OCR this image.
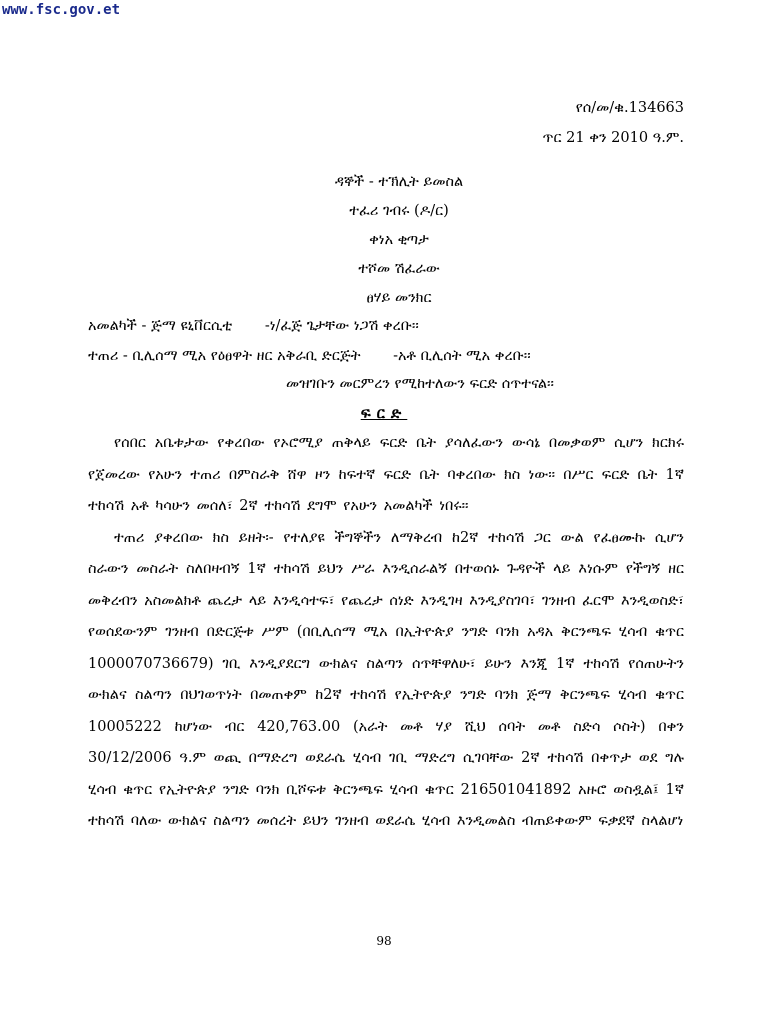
www.fsc.gov.et
የሰ/መ/ቁ.134663
ጥር 21 ቀን 2010 ዓ.ም.
ዳኞች - ተኽሊት ይመስል
ተፈሪ ገብሩ (ዶ/ር)
ቀነአ ቂጣታ
ተሾመ ሽፈራው
ፀሃይ መንክር
አመልካች - ጅማ ዩኒቨርሲቲ -ነ/ፈጅ ጌታቸው ነጋሽ ቀረቡ፡፡
ተጠሪ - ቢሊሰማ ሚአ የዕፀዋት ዘር አቅራቢ ድርጅት -አቶ ቢሊሰት ሚአ ቀረቡ፡፡
መዝገቡን መርምረን የሚከተለውን ፍርድ ሰጥተናል፡፡
ፍርድ

የሰበር አቤቱታው የቀረበው የኦሮሚያ ጠቅላይ ፍርድ ቤት ያሳለፈውን ውሳኔ በመቃወም ሲሆን ክርክሩ የጀመረው የአሁን ተጠሪ በምስራቅ ሸዋ ዞን ከፍተኛ ፍርድ ቤት ባቀረበው ክስ ነው፡፡ በሥር ፍርድ ቤት 1ኛ ተከሳሽ አቶ ካሳሁን መሰለ፣ 2ኛ ተከሳሽ ደግሞ የአሁን አመልካች ነበሩ፡፡

ተጠሪ ያቀረበው ክስ ይዘት፡- የተለያዩ ችግኞችን ለማቅረብ ከ2ኛ ተከሳሽ ጋር ውል የፈፀሙኩ ሲሆን ስራውን መስራት ስለበዛብኝ 1ኛ ተከሳሽ ይህን ሥራ እንዲሰራልኝ በተወሰኑ ጉዳዮች ላይ እነሱም የችግኝ ዘር መቅረብን አስመልክቶ ጨረታ ላይ እንዲሳተፍ፣ የጨረታ ሰነድ እንዲገዛ እንዲያስገባ፣ ገንዘብ ፈርሞ እንዲወስድ፣ የወሰደውንም ገንዘብ በድርጅቱ ሥም (በቢሊሰማ ሚአ በኢትዮጵያ ንግድ ባንክ አዳአ ቅርንጫፍ ሂሳብ ቁጥር 1000070736679) ገቢ እንዲያደርግ ውክልና ስልጣን ሰጥቸዋለሁ፣ ይሁን እንጂ 1ኛ ተከሳሽ የሰጠሁትን ውክልና ስልጣን በህገወጥነት በመጠቀም ከ2ኛ ተከሳሽ የኢትዮጵያ ንግድ ባንክ ጅማ ቅርንጫፍ ሂሳብ ቁጥር 10005222 ከሆነው ብር 420,763.00 (አራት መቶ ሃያ ሺህ ሰባት መቶ ስድሳ ሶስት) በቀን 30/12/2006 ዓ.ም ወጪ በማድረግ ወደራሴ ሂሳብ ገቢ ማድረግ ሲገባቸው 2ኛ ተከሳሽ በቀጥታ ወደ ግሉ ሂሳብ ቁጥር የኢትዮጵያ ንግድ ባንክ ቢሾፍቱ ቅርንጫፍ ሂሳብ ቁጥር 216501041892 አዙሮ ወስዷል፤ 1ኛ ተከሳሽ ባለው ውክልና ስልጣን መሰረት ይህን ገንዘብ ወደራሴ ሂሳብ እንዲመልስ ብጠይቀውም ፍቃደኛ ስላልሆነ

98
